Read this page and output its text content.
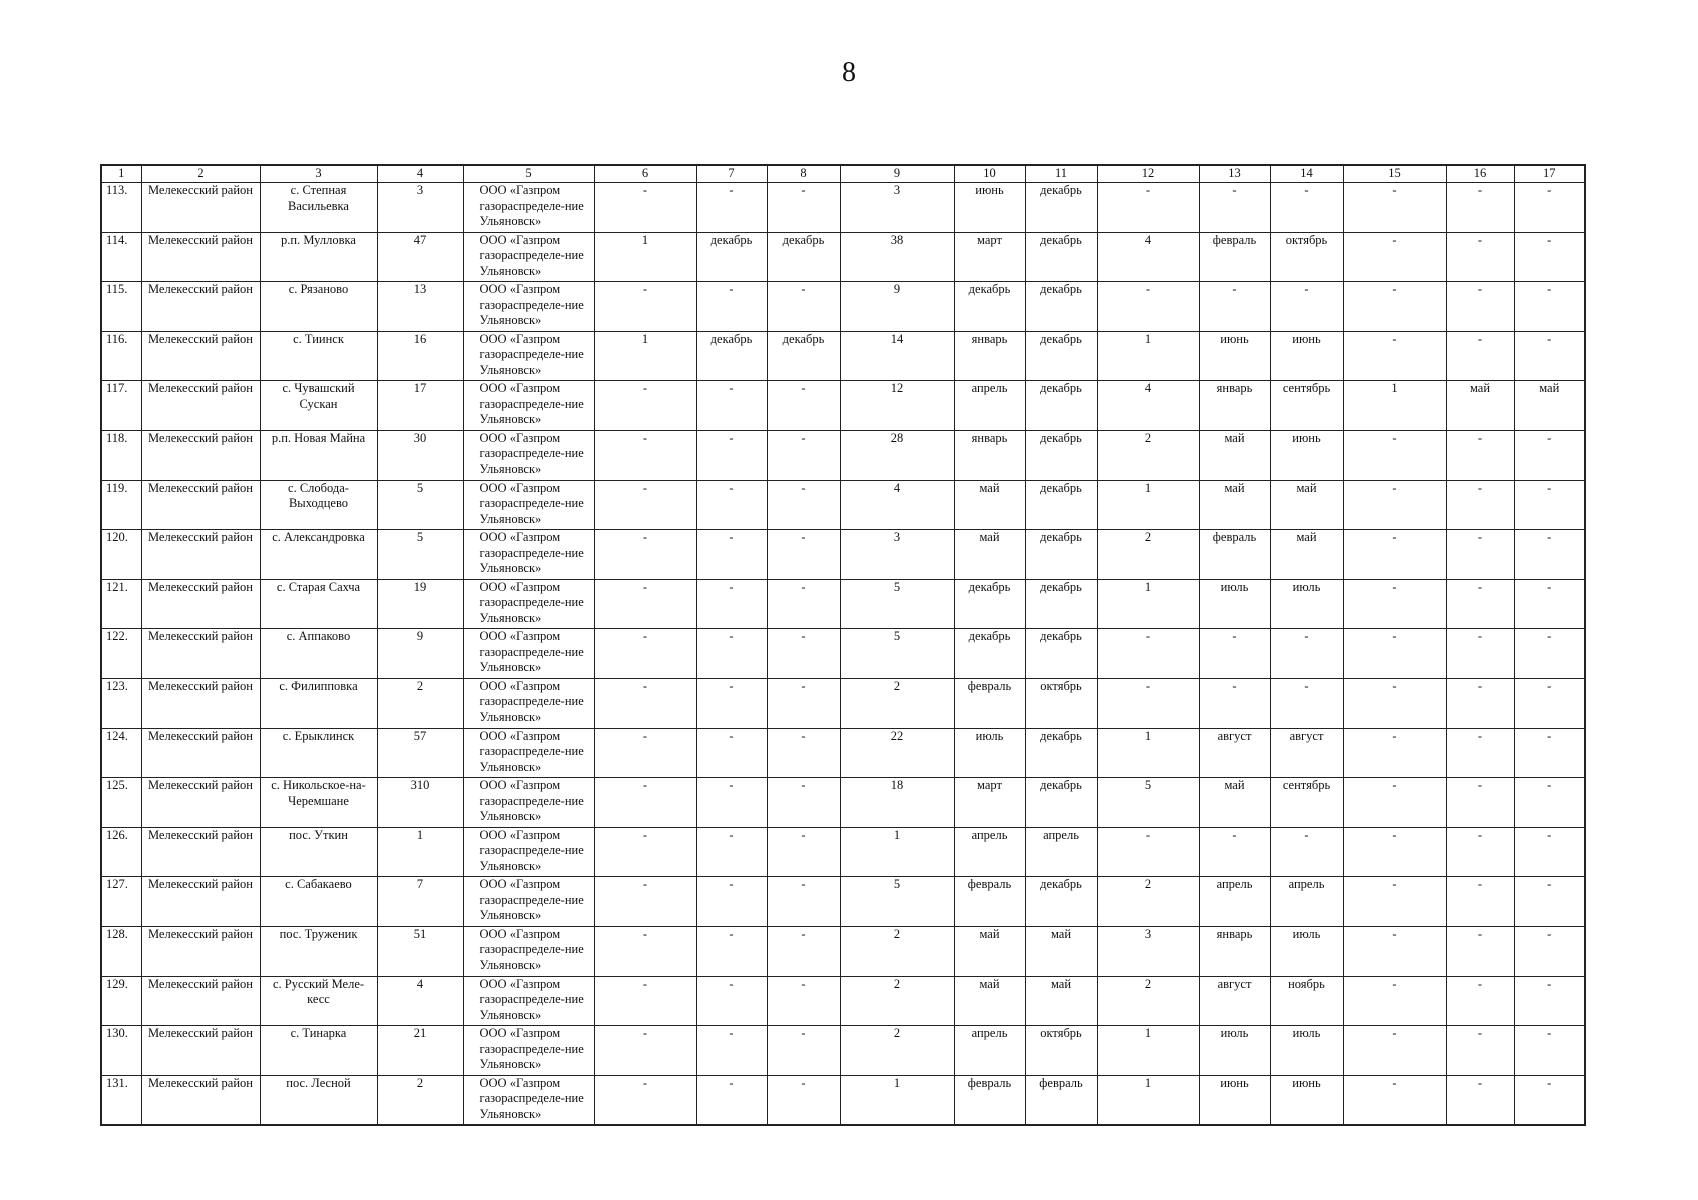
8
1	2	3	4	5	6	7	8	9	10	11	12	13	14	15	16	17
113.	Мелекесский район	с. Степная Васильевка	3	ООО «Газпром газораспределе-ние Ульяновск»	-	-	-	3	июнь	декабрь	-	-	-	-	-	-
114.	Мелекесский район	р.п. Мулловка	47	ООО «Газпром газораспределе-ние Ульяновск»	1	декабрь	декабрь	38	март	декабрь	4	февраль	октябрь	-	-	-
115.	Мелекесский район	с. Рязаново	13	ООО «Газпром газораспределе-ние Ульяновск»	-	-	-	9	декабрь	декабрь	-	-	-	-	-	-
116.	Мелекесский район	с. Тиинск	16	ООО «Газпром газораспределе-ние Ульяновск»	1	декабрь	декабрь	14	январь	декабрь	1	июнь	июнь	-	-	-
117.	Мелекесский район	с. Чувашский Сускан	17	ООО «Газпром газораспределе-ние Ульяновск»	-	-	-	12	апрель	декабрь	4	январь	сентябрь	1	май	май
118.	Мелекесский район	р.п. Новая Майна	30	ООО «Газпром газораспределе-ние Ульяновск»	-	-	-	28	январь	декабрь	2	май	июнь	-	-	-
119.	Мелекесский район	с. Слобода-Выходцево	5	ООО «Газпром газораспределе-ние Ульяновск»	-	-	-	4	май	декабрь	1	май	май	-	-	-
120.	Мелекесский район	с. Александровка	5	ООО «Газпром газораспределе-ние Ульяновск»	-	-	-	3	май	декабрь	2	февраль	май	-	-	-
121.	Мелекесский район	с. Старая Сахча	19	ООО «Газпром газораспределе-ние Ульяновск»	-	-	-	5	декабрь	декабрь	1	июль	июль	-	-	-
122.	Мелекесский район	с. Аппаково	9	ООО «Газпром газораспределе-ние Ульяновск»	-	-	-	5	декабрь	декабрь	-	-	-	-	-	-
123.	Мелекесский район	с. Филипповка	2	ООО «Газпром газораспределе-ние Ульяновск»	-	-	-	2	февраль	октябрь	-	-	-	-	-	-
124.	Мелекесский район	с. Ерыклинск	57	ООО «Газпром газораспределе-ние Ульяновск»	-	-	-	22	июль	декабрь	1	август	август	-	-	-
125.	Мелекесский район	с. Никольское-на-Черемшане	310	ООО «Газпром газораспределе-ние Ульяновск»	-	-	-	18	март	декабрь	5	май	сентябрь	-	-	-
126.	Мелекесский район	пос. Уткин	1	ООО «Газпром газораспределе-ние Ульяновск»	-	-	-	1	апрель	апрель	-	-	-	-	-	-
127.	Мелекесский район	с. Сабакаево	7	ООО «Газпром газораспределе-ние Ульяновск»	-	-	-	5	февраль	декабрь	2	апрель	апрель	-	-	-
128.	Мелекесский район	пос. Труженик	51	ООО «Газпром газораспределе-ние Ульяновск»	-	-	-	2	май	май	3	январь	июль	-	-	-
129.	Мелекесский район	с. Русский Меле-кесс	4	ООО «Газпром газораспределе-ние Ульяновск»	-	-	-	2	май	май	2	август	ноябрь	-	-	-
130.	Мелекесский район	с. Тинарка	21	ООО «Газпром газораспределе-ние Ульяновск»	-	-	-	2	апрель	октябрь	1	июль	июль	-	-	-
131.	Мелекесский район	пос. Лесной	2	ООО «Газпром газораспределе-ние Ульяновск»	-	-	-	1	февраль	февраль	1	июнь	июнь	-	-	-
